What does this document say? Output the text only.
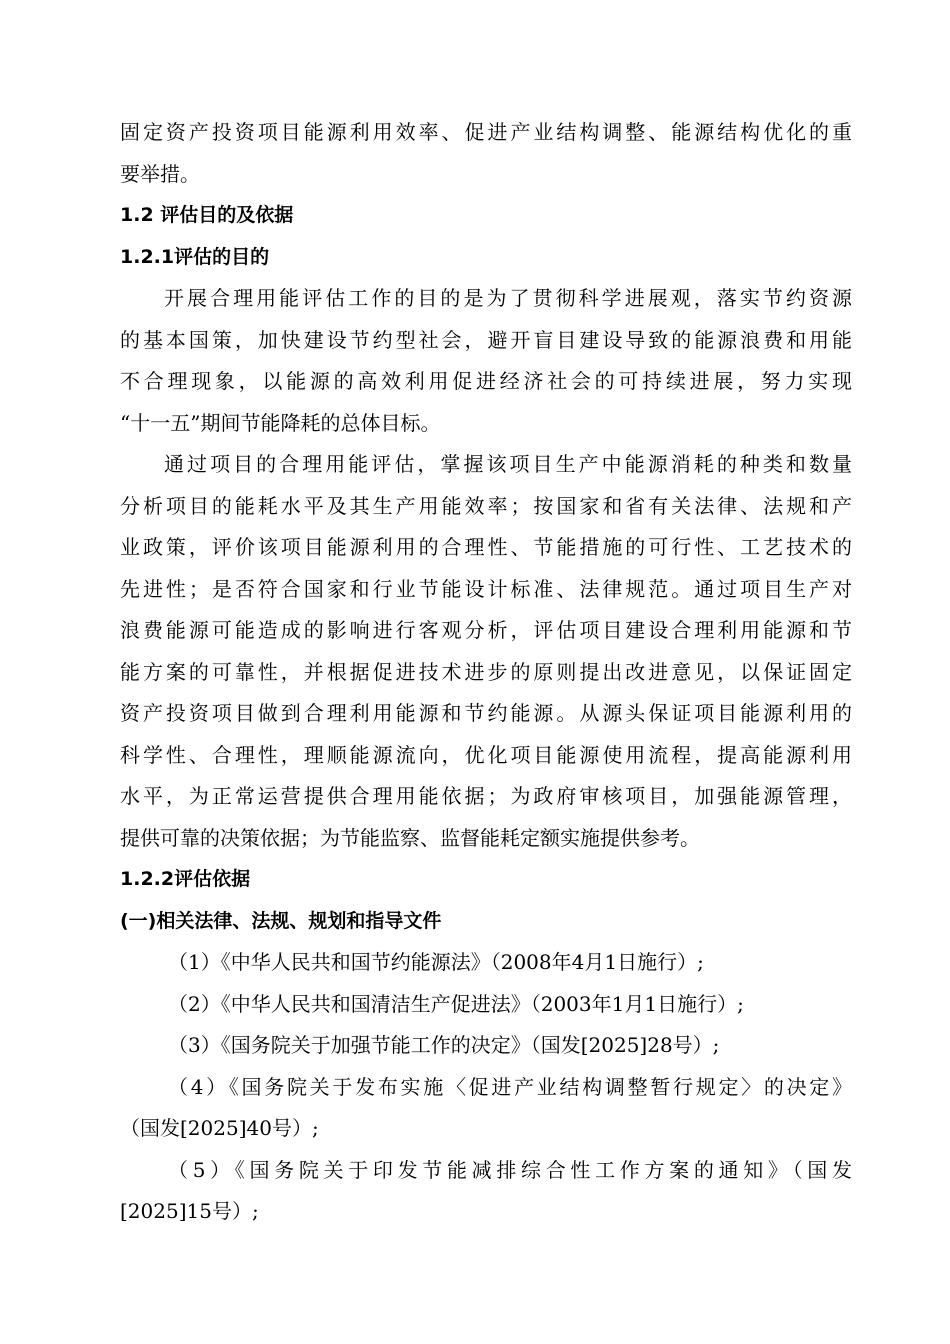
固定资产投资项目能源利用效率、促进产业结构调整、能源结构优化的重
要举措。
1.2 评估目的及依据
1.2.1评估的目的
开展合理用能评估工作的目的是为了贯彻科学进展观，落实节约资源
的基本国策，加快建设节约型社会，避开盲目建设导致的能源浪费和用能
不合理现象，以能源的高效利用促进经济社会的可持续进展，努力实现
“十一五”期间节能降耗的总体目标。
通过项目的合理用能评估，掌握该项目生产中能源消耗的种类和数量
分析项目的能耗水平及其生产用能效率；按国家和省有关法律、法规和产
业政策，评价该项目能源利用的合理性、节能措施的可行性、工艺技术的
先进性；是否符合国家和行业节能设计标准、法律规范。通过项目生产对
浪费能源可能造成的影响进行客观分析，评估项目建设合理利用能源和节
能方案的可靠性，并根据促进技术进步的原则提出改进意见，以保证固定
资产投资项目做到合理利用能源和节约能源。从源头保证项目能源利用的
科学性、合理性，理顺能源流向，优化项目能源使用流程，提高能源利用
水平，为正常运营提供合理用能依据；为政府审核项目，加强能源管理，
提供可靠的决策依据；为节能监察、监督能耗定额实施提供参考。
1.2.2评估依据
(一)相关法律、法规、规划和指导文件
（1）《中华人民共和国节约能源法》（2008年4月1日施行）;
（2）《中华人民共和国清洁生产促进法》（2003年1月1日施行）;
（3）《国务院关于加强节能工作的决定》（国发[2025]28号）;
（4）《国务院关于发布实施〈促进产业结构调整暂行规定〉的决定》
（国发[2025]40号）;
（5）《国务院关于印发节能减排综合性工作方案的通知》（国发
[2025]15号）;
